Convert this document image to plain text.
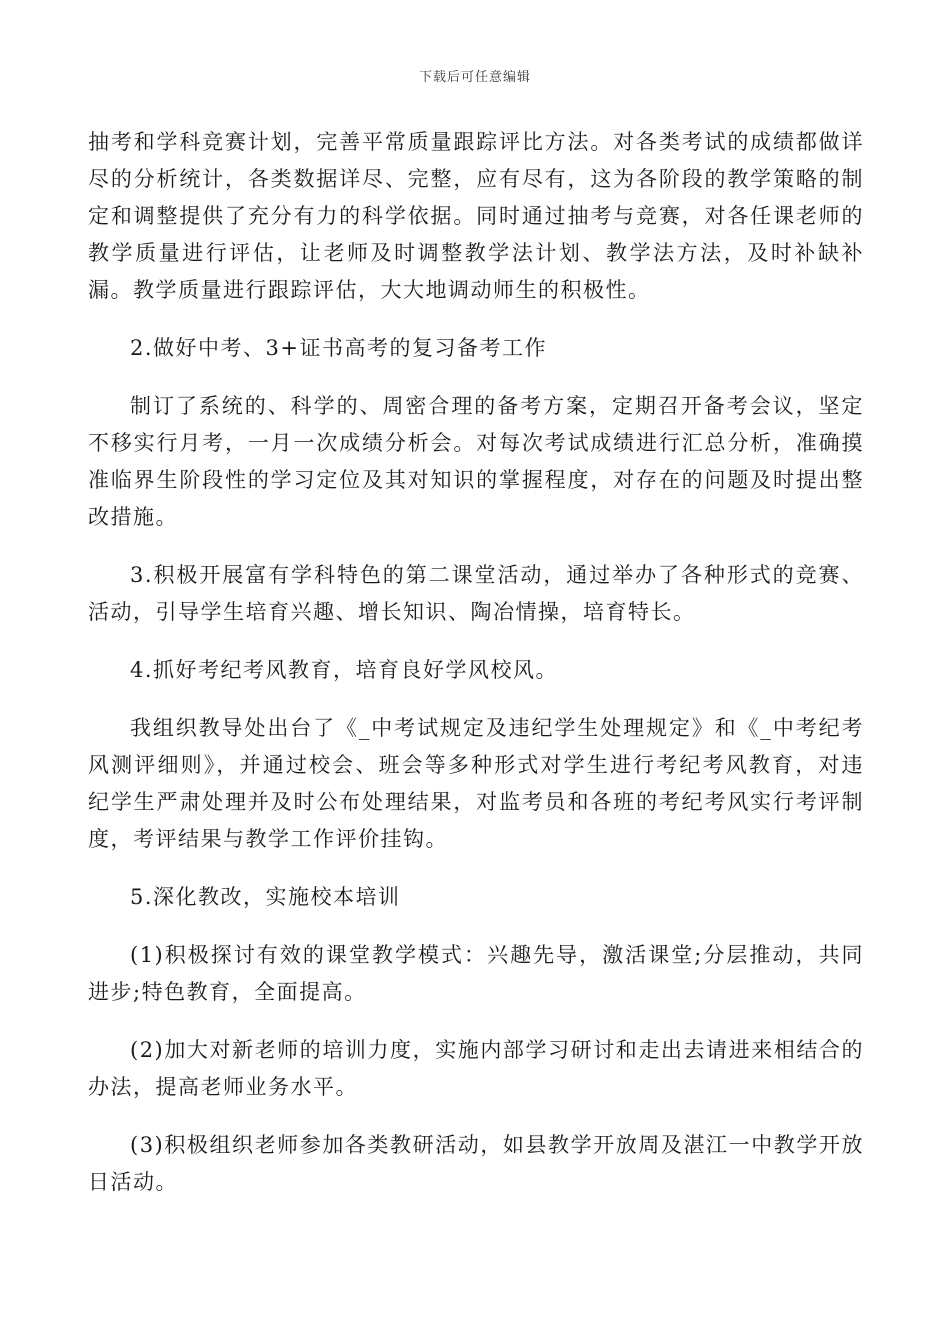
下载后可任意编辑

抽考和学科竞赛计划，完善平常质量跟踪评比方法。对各类考试的成绩都做详尽的分析统计，各类数据详尽、完整，应有尽有，这为各阶段的教学策略的制定和调整提供了充分有力的科学依据。同时通过抽考与竞赛，对各任课老师的教学质量进行评估，让老师及时调整教学法计划、教学法方法，及时补缺补漏。教学质量进行跟踪评估，大大地调动师生的积极性。

2.做好中考、3+证书高考的复习备考工作

制订了系统的、科学的、周密合理的备考方案，定期召开备考会议，坚定不移实行月考，一月一次成绩分析会。对每次考试成绩进行汇总分析，准确摸准临界生阶段性的学习定位及其对知识的掌握程度，对存在的问题及时提出整改措施。

3.积极开展富有学科特色的第二课堂活动，通过举办了各种形式的竞赛、活动，引导学生培育兴趣、增长知识、陶冶情操，培育特长。

4.抓好考纪考风教育，培育良好学风校风。

我组织教导处出台了《_中考试规定及违纪学生处理规定》和《_中考纪考风测评细则》，并通过校会、班会等多种形式对学生进行考纪考风教育，对违纪学生严肃处理并及时公布处理结果，对监考员和各班的考纪考风实行考评制度，考评结果与教学工作评价挂钩。

5.深化教改，实施校本培训

(1)积极探讨有效的课堂教学模式：兴趣先导，激活课堂;分层推动，共同进步;特色教育，全面提高。

(2)加大对新老师的培训力度，实施内部学习研讨和走出去请进来相结合的办法，提高老师业务水平。

(3)积极组织老师参加各类教研活动，如县教学开放周及湛江一中教学开放日活动。
